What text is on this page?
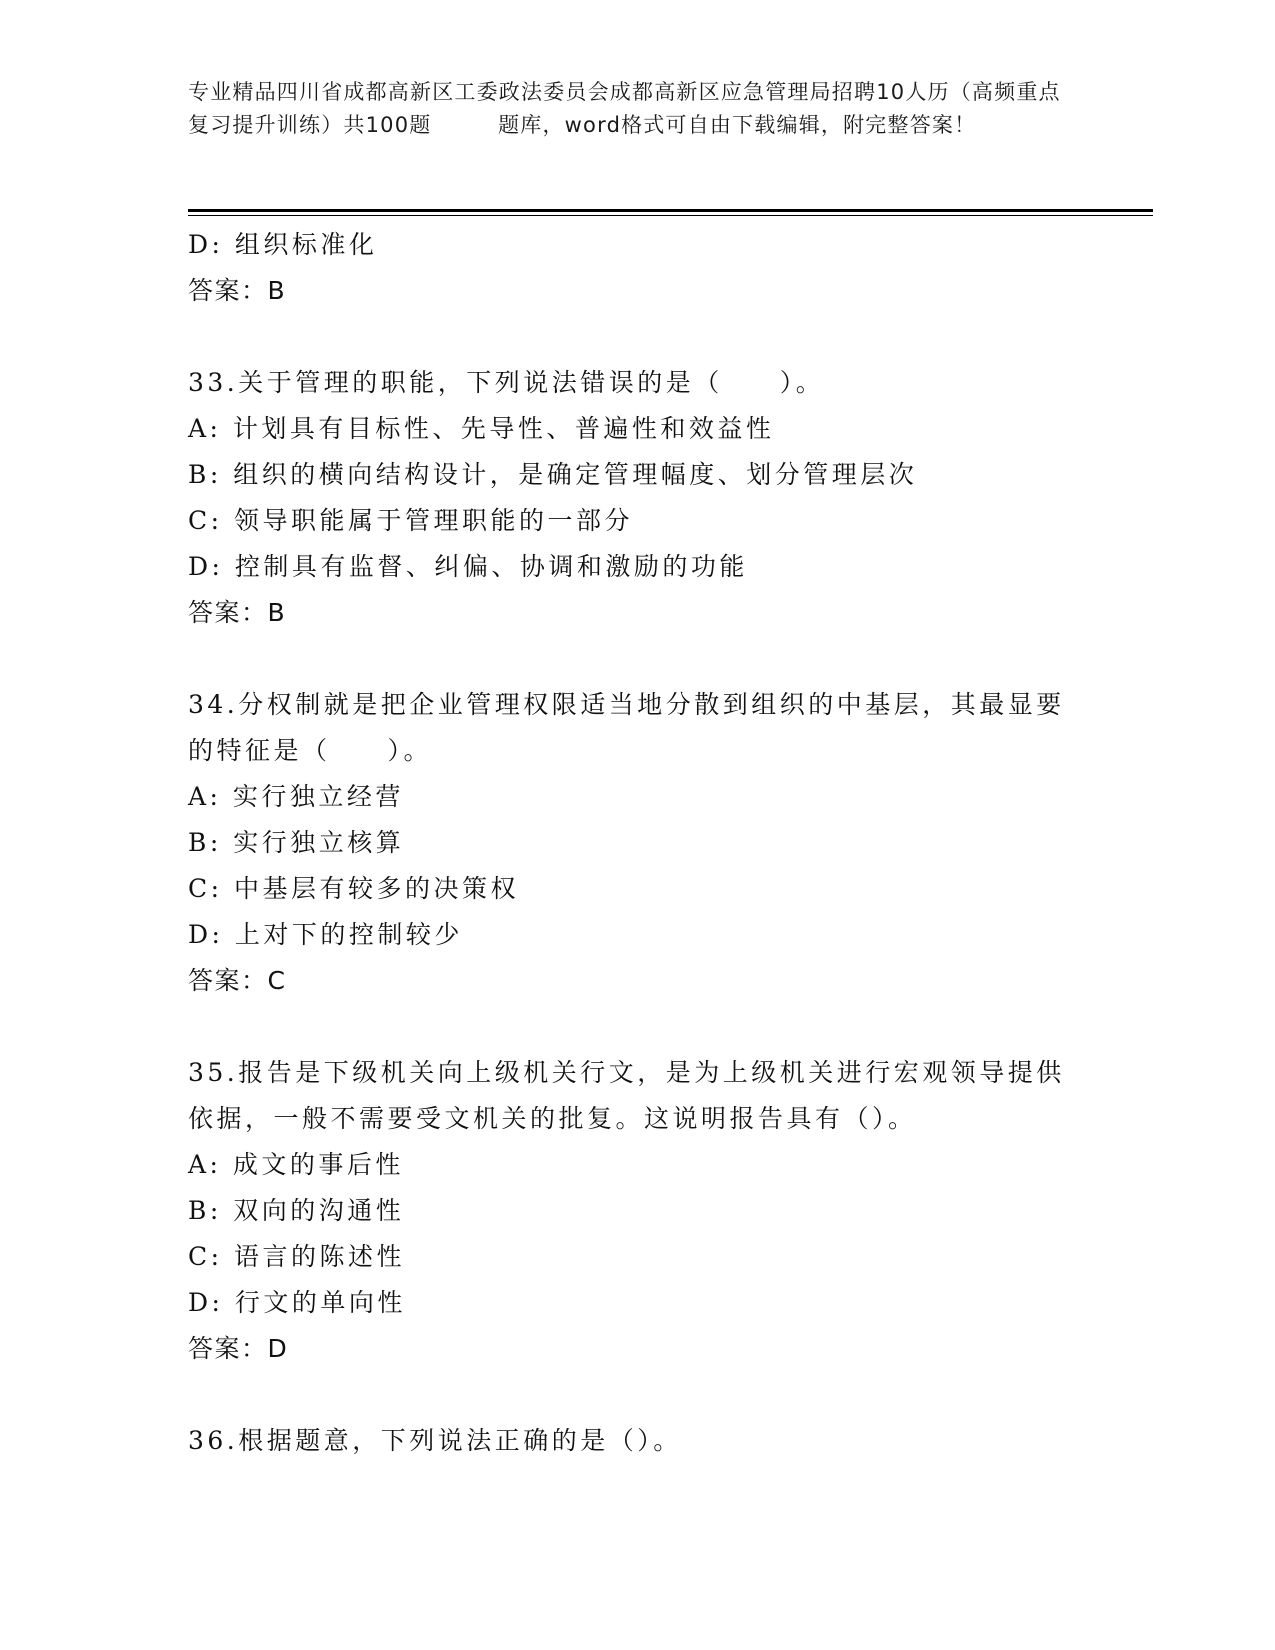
专业精品四川省成都高新区工委政法委员会成都高新区应急管理局招聘10人历（高频重点复习提升训练）共100题　　　题库，word格式可自由下载编辑，附完整答案！
D: 组织标准化
答案：B
33.关于管理的职能，下列说法错误的是（　　）。
A: 计划具有目标性、先导性、普遍性和效益性
B: 组织的横向结构设计，是确定管理幅度、划分管理层次
C: 领导职能属于管理职能的一部分
D: 控制具有监督、纠偏、协调和激励的功能
答案：B
34.分权制就是把企业管理权限适当地分散到组织的中基层，其最显要的特征是（　　）。
A: 实行独立经营
B: 实行独立核算
C: 中基层有较多的决策权
D: 上对下的控制较少
答案：C
35.报告是下级机关向上级机关行文，是为上级机关进行宏观领导提供依据，一般不需要受文机关的批复。这说明报告具有（）。
A: 成文的事后性
B: 双向的沟通性
C: 语言的陈述性
D: 行文的单向性
答案：D
36.根据题意，下列说法正确的是（）。
